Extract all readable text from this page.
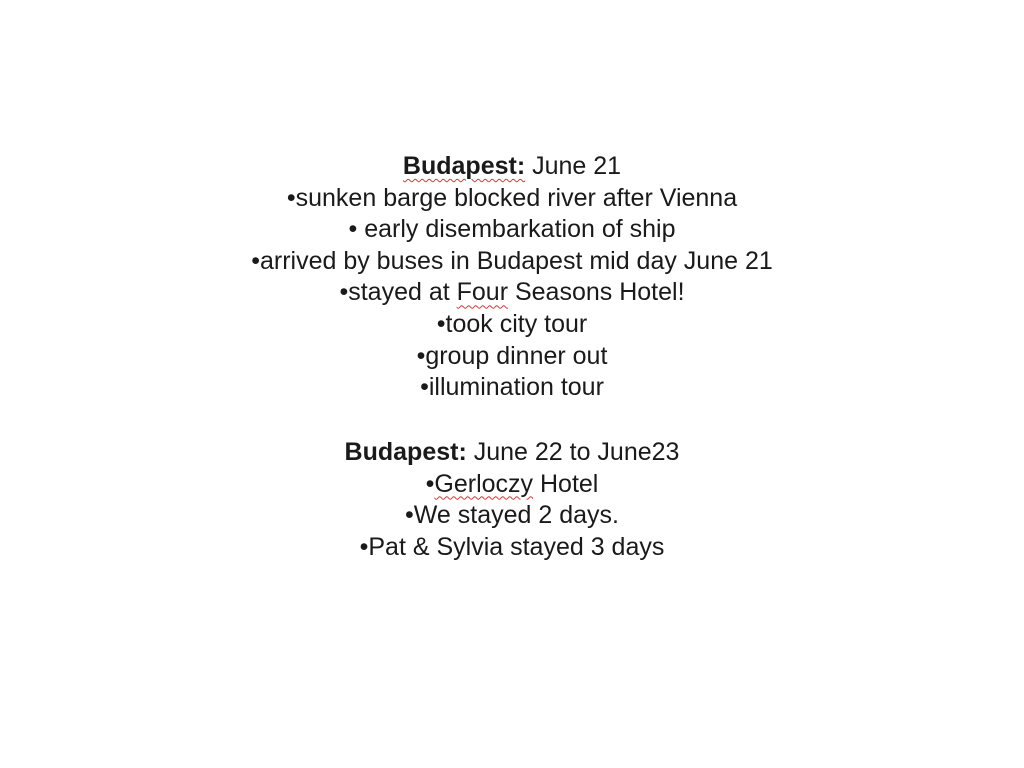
Budapest: June 21
•sunken barge blocked river after Vienna
• early disembarkation of ship
•arrived by buses in Budapest mid day June 21
•stayed at Four Seasons Hotel!
•took city tour
•group dinner out
•illumination tour
Budapest: June 22 to June23
•Gerloczy Hotel
•We stayed 2 days.
•Pat & Sylvia stayed 3 days
